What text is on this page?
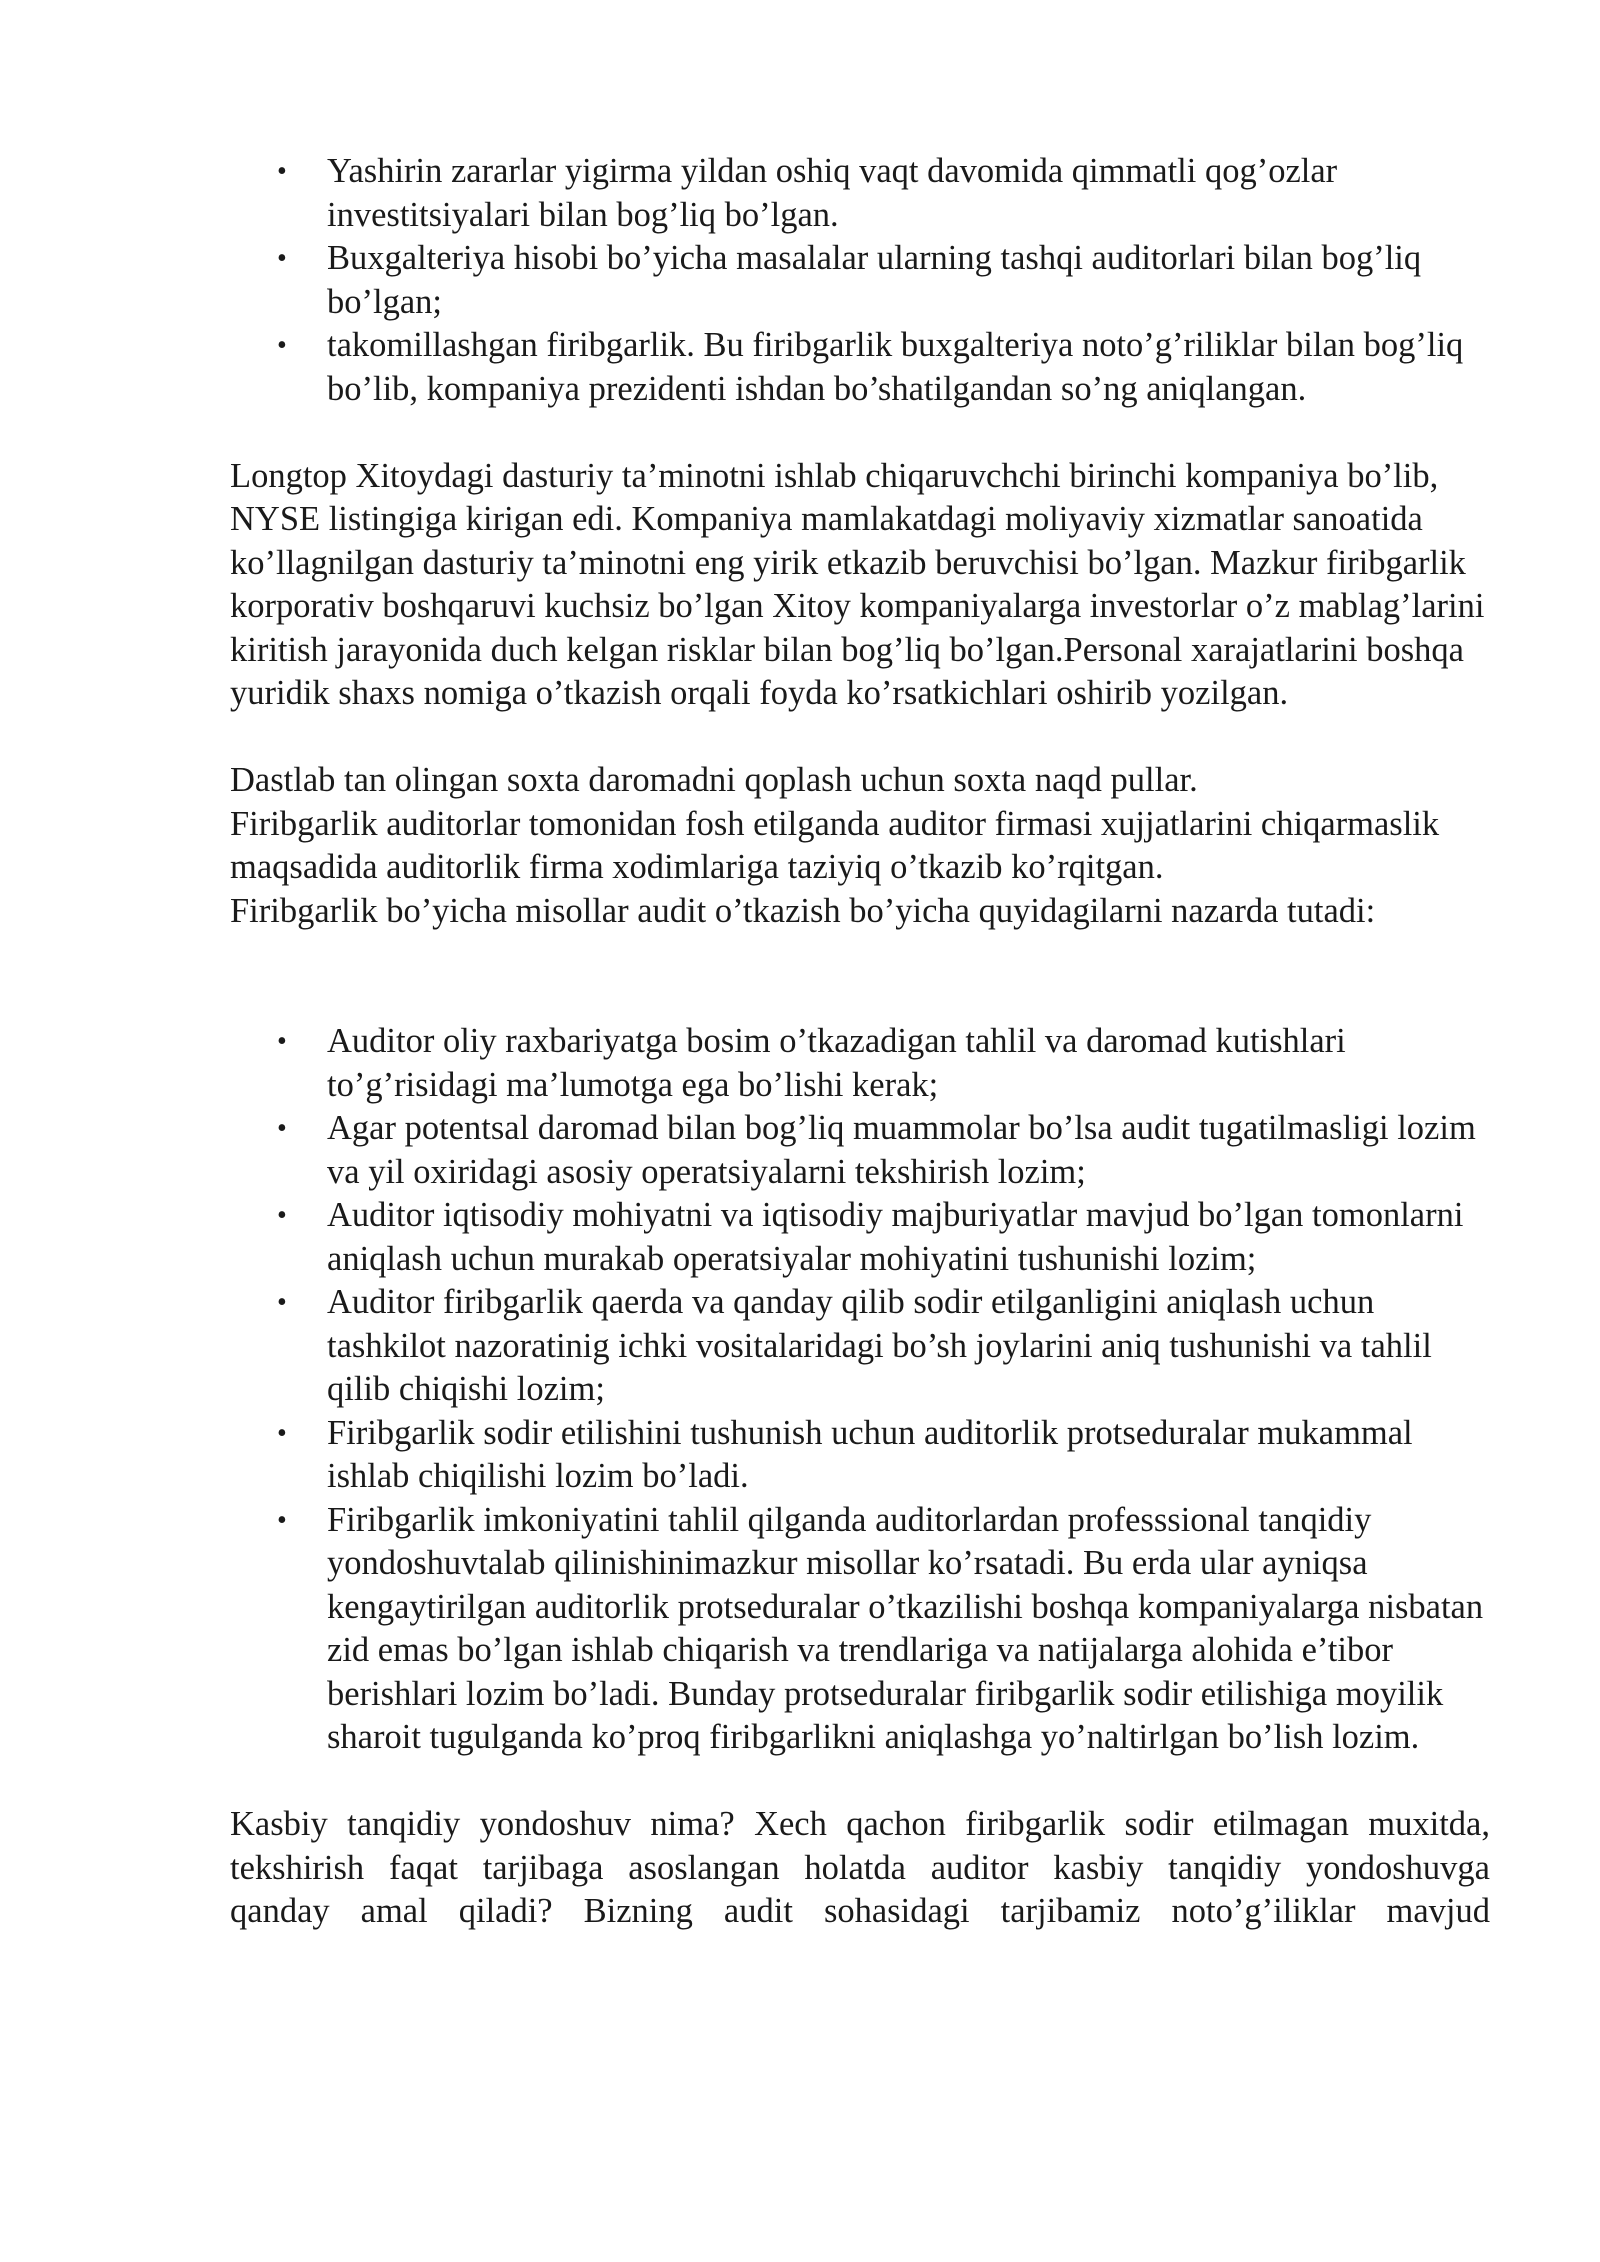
• Yashirin zararlar yigirma yildan oshiq vaqt davomida qimmatli qog’ozlar investitsiyalari bilan bog’liq bo’lgan.
• Buxgalteriya hisobi bo’yicha masalalar ularning tashqi auditorlari bilan bog’liq bo’lgan;
• takomillashgan firibgarlik. Bu firibgarlik buxgalteriya noto’g’riliklar bilan bog’liq bo’lib, kompaniya prezidenti ishdan bo’shatilgandan so’ng aniqlangan.

Longtop Xitoydagi dasturiy ta’minotni ishlab chiqaruvchchi birinchi kompaniya bo’lib, NYSE listingiga kirigan edi. Kompaniya mamlakatdagi moliyaviy xizmatlar sanoatida ko’llagnilgan dasturiy ta’minotni eng yirik etkazib beruvchisi bo’lgan. Mazkur firibgarlik korporativ boshqaruvi kuchsiz bo’lgan Xitoy kompaniyalarga investorlar o’z mablag’larini kiritish jarayonida duch kelgan risklar bilan bog’liq bo’lgan.Personal xarajatlarini boshqa yuridik shaxs nomiga o’tkazish orqali foyda ko’rsatkichlari oshirib yozilgan.

Dastlab tan olingan soxta daromadni qoplash uchun soxta naqd pullar.

Firibgarlik auditorlar tomonidan fosh etilganda auditor firmasi xujjatlarini chiqarmaslik maqsadida auditorlik firma xodimlariga taziyiq o’tkazib ko’rqitgan.

Firibgarlik bo’yicha misollar audit o’tkazish bo’yicha quyidagilarni nazarda tutadi:

• Auditor oliy raxbariyatga bosim o’tkazadigan tahlil va daromad kutishlari to’g’risidagi ma’lumotga ega bo’lishi kerak;
• Agar potentsal daromad bilan bog’liq muammolar bo’lsa audit tugatilmasligi lozim va yil oxiridagi asosiy operatsiyalarni tekshirish lozim;
• Auditor iqtisodiy mohiyatni va iqtisodiy majburiyatlar mavjud bo’lgan tomonlarni aniqlash uchun murakab operatsiyalar mohiyatini tushunishi lozim;
• Auditor firibgarlik qaerda va qanday qilib sodir etilganligini aniqlash uchun tashkilot nazoratinig ichki vositalaridagi bo’sh joylarini aniq tushunishi va tahlil qilib chiqishi lozim;
• Firibgarlik sodir etilishini tushunish uchun auditorlik protseduralar mukammal ishlab chiqilishi lozim bo’ladi.
• Firibgarlik imkoniyatini tahlil qilganda auditorlardan professsional tanqidiy yondoshuvtalab qilinishinimazkur misollar ko’rsatadi. Bu erda ular ayniqsa kengaytirilgan auditorlik protseduralar o’tkazilishi boshqa kompaniyalarga nisbatan zid emas bo’lgan ishlab chiqarish va trendlariga va natijalarga alohida e’tibor berishlari lozim bo’ladi. Bunday protseduralar firibgarlik sodir etilishiga moyilik sharoit tugulganda ko’proq firibgarlikni aniqlashga yo’naltirlgan bo’lish lozim.

Kasbiy tanqidiy yondoshuv nima? Xech qachon firibgarlik sodir etilmagan muxitda,

tekshirish faqat tarjibaga asoslangan holatda auditor kasbiy tanqidiy yondoshuvga

qanday amal qiladi? Bizning audit sohasidagi tarjibamiz noto’g’iliklar mavjud
